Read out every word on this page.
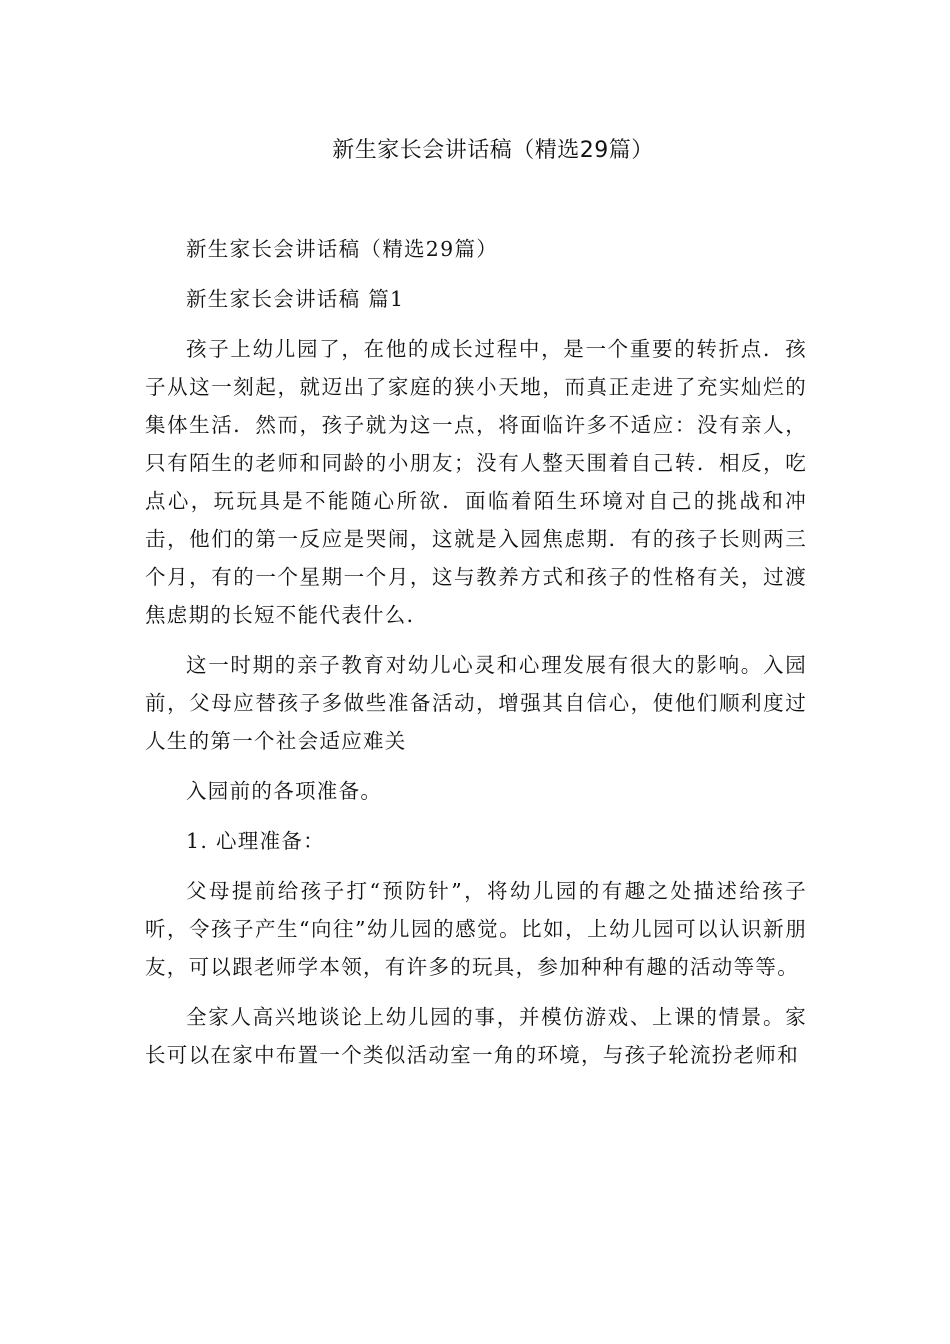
新生家长会讲话稿（精选29篇）

新生家长会讲话稿（精选29篇）

新生家长会讲话稿 篇1

孩子上幼儿园了，在他的成长过程中，是一个重要的转折点．孩子从这一刻起，就迈出了家庭的狭小天地，而真正走进了充实灿烂的集体生活．然而，孩子就为这一点，将面临许多不适应：没有亲人，只有陌生的老师和同龄的小朋友；没有人整天围着自己转．相反，吃点心，玩玩具是不能随心所欲．面临着陌生环境对自己的挑战和冲击，他们的第一反应是哭闹，这就是入园焦虑期．有的孩子长则两三个月，有的一个星期一个月，这与教养方式和孩子的性格有关，过渡焦虑期的长短不能代表什么．

这一时期的亲子教育对幼儿心灵和心理发展有很大的影响。入园前，父母应替孩子多做些准备活动，增强其自信心，使他们顺利度过人生的第一个社会适应难关

入园前的各项准备。

1. 心理准备：

父母提前给孩子打“预防针”，将幼儿园的有趣之处描述给孩子听，令孩子产生“向往”幼儿园的感觉。比如，上幼儿园可以认识新朋友，可以跟老师学本领，有许多的玩具，参加种种有趣的活动等等。

全家人高兴地谈论上幼儿园的事，并模仿游戏、上课的情景。家长可以在家中布置一个类似活动室一角的环境，与孩子轮流扮老师和
